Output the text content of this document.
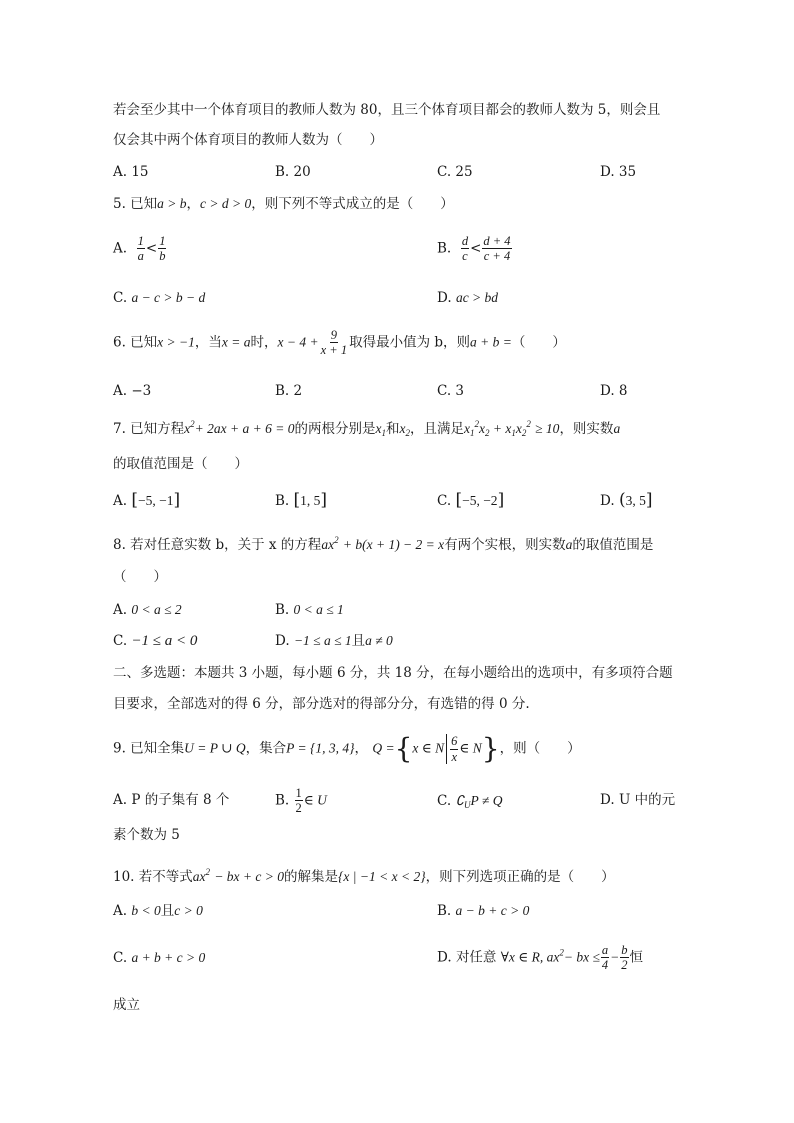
若会至少其中一个体育项目的教师人数为 80，且三个体育项目都会的教师人数为 5，则会且
仅会其中两个体育项目的教师人数为（　　）
A. 15	B. 20	C. 25	D. 35
5. 已知a > b，c > d > 0，则下列不等式成立的是（　　）
A. $\frac{1}{a} < \frac{1}{b}$	B. $\frac{d}{c} < \frac{d + 4}{c + 4}$
C. a − c > b − d	D. ac > bd
6. 已知x > −1，当x = a时，$x - 4 + \frac{9}{x + 1}$ 取得最小值为 b，则a + b =（　　）
A. −3	B. 2	C. 3	D. 8
7. 已知方程$x^2+ 2ax + a + 6 = 0$的两根分别是$x_1$和$x_2$，且满足$x_1^2x_2 + x_1x_2^2 \ge 10$，则实数a
的取值范围是（　　）
A. [−5, −1]	B. [1, 5]	C. [−5, −2]	D. (3, 5]
8. 若对任意实数 b，关于 x 的方程$ax^2 + b(x + 1) - 2 = x$有两个实根，则实数a的取值范围是
（　　）
A. 0 < a ≤ 2	B. 0 < a ≤ 1
C. −1 ≤ a < 0	D. −1 ≤ a ≤ 1且a ≠ 0
二、多选题：本题共 3 小题，每小题 6 分，共 18 分，在每小题给出的选项中，有多项符合题
目要求，全部选对的得 6 分，部分选对的得部分分，有选错的得 0 分.
9. 已知全集U = P ∪ Q，集合P = {1, 3, 4}， Q ={x ∈ N $\frac{6}{x}$ ∈ N}，则（　　）
A. P 的子集有 8 个	B. $\frac{1}{2}$ ∈ U	C. $∁_UP \ne Q$	D. U 中的元
素个数为 5
10. 若不等式$ax^2$ − bx + c > 0的解集是{x | −1 < x < 2}，则下列选项正确的是（　　）
A. b < 0且c > 0	B. a − b + c > 0
C. a + b + c > 0	D. 对任意 ∀x ∈ R, $ax^2-$ bx ≤ $\frac{a}{4} - \frac{b}{2}$ 恒
成立
